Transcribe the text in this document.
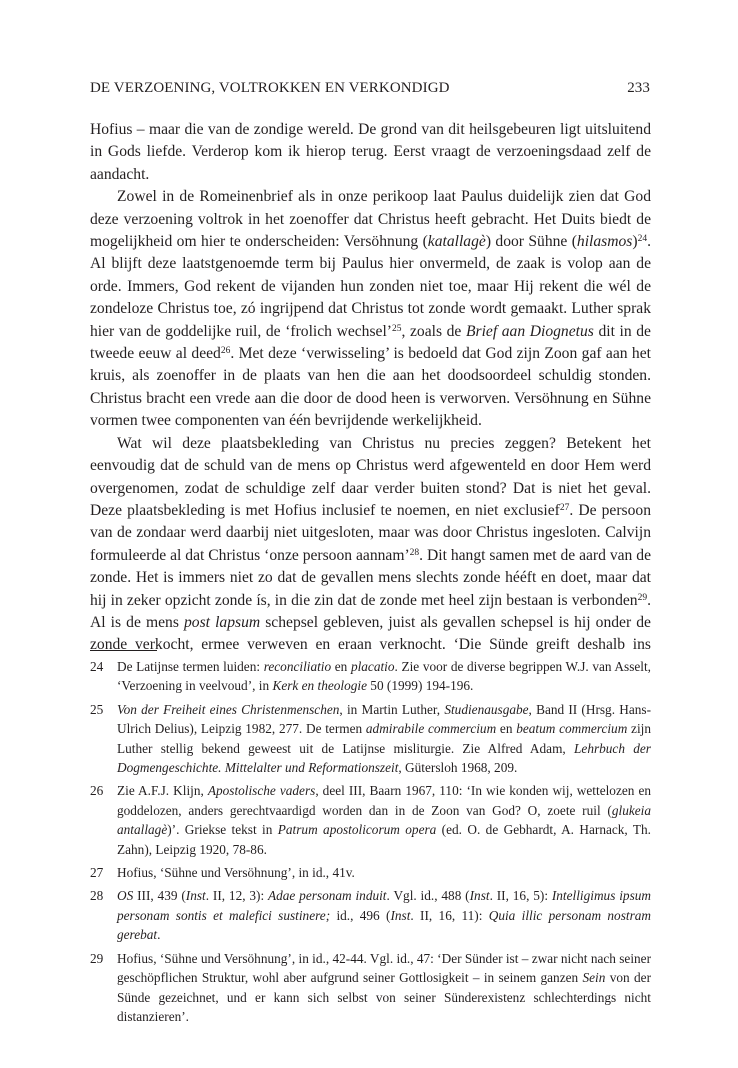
DE VERZOENING, VOLTROKKEN EN VERKONDIGD	233

Hofius – maar die van de zondige wereld. De grond van dit heilsgebeuren ligt uitsluitend in Gods liefde. Verderop kom ik hierop terug. Eerst vraagt de verzoeningsdaad zelf de aandacht.

Zowel in de Romeinenbrief als in onze perikoop laat Paulus duidelijk zien dat God deze verzoening voltrok in het zoenoffer dat Christus heeft gebracht. Het Duits biedt de mogelijkheid om hier te onderscheiden: Versöhnung (katallagè) door Sühne (hilasmos)$^{24}$. Al blijft deze laatstgenoemde term bij Paulus hier onvermeld, de zaak is volop aan de orde. Immers, God rekent de vijanden hun zonden niet toe, maar Hij rekent die wél de zondeloze Christus toe, zó ingrijpend dat Christus tot zonde wordt gemaakt. Luther sprak hier van de goddelijke ruil, de ‘frolich wechsel’$^{25}$, zoals de Brief aan Diognetus dit in de tweede eeuw al deed$^{26}$. Met deze ‘verwisseling’ is bedoeld dat God zijn Zoon gaf aan het kruis, als zoenoffer in de plaats van hen die aan het doodsoordeel schuldig stonden. Christus bracht een vrede aan die door de dood heen is verworven. Versöhnung en Sühne vormen twee componenten van één bevrijdende werkelijkheid.

Wat wil deze plaatsbekleding van Christus nu precies zeggen? Betekent het eenvoudig dat de schuld van de mens op Christus werd afgewenteld en door Hem werd overgenomen, zodat de schuldige zelf daar verder buiten stond? Dat is niet het geval. Deze plaatsbekleding is met Hofius inclusief te noemen, en niet exclusief$^{27}$. De persoon van de zondaar werd daarbij niet uitgesloten, maar was door Christus ingesloten. Calvijn formuleerde al dat Christus ‘onze persoon aannam’$^{28}$. Dit hangt samen met de aard van de zonde. Het is immers niet zo dat de gevallen mens slechts zonde hééft en doet, maar dat hij in zeker opzicht zonde ís, in die zin dat de zonde met heel zijn bestaan is verbonden$^{29}$. Al is de mens post lapsum schepsel gebleven, juist als gevallen schepsel is hij onder de zonde verkocht, ermee verweven en eraan verknocht. ‘Die Sünde greift deshalb ins

24 De Latijnse termen luiden: reconciliatio en placatio. Zie voor de diverse begrippen W.J. van Asselt, ‘Verzoening in veelvoud’, in Kerk en theologie 50 (1999) 194-196.
25 Von der Freiheit eines Christenmenschen, in Martin Luther, Studienausgabe, Band II (Hrsg. Hans-Ulrich Delius), Leipzig 1982, 277. De termen admirabile commercium en beatum commercium zijn Luther stellig bekend geweest uit de Latijnse misliturgie. Zie Alfred Adam, Lehrbuch der Dogmengeschichte. Mittelalter und Reformationszeit, Gütersloh 1968, 209.
26 Zie A.F.J. Klijn, Apostolische vaders, deel III, Baarn 1967, 110: ‘In wie konden wij, wettelozen en goddelozen, anders gerechtvaardigd worden dan in de Zoon van God? O, zoete ruil (glukeia antallagè)’. Griekse tekst in Patrum apostolicorum opera (ed. O. de Gebhardt, A. Harnack, Th. Zahn), Leipzig 1920, 78-86.
27 Hofius, ‘Sühne und Versöhnung’, in id., 41v.
28 OS III, 439 (Inst. II, 12, 3): Adae personam induit. Vgl. id., 488 (Inst. II, 16, 5): Intelligimus ipsum personam sontis et malefici sustinere; id., 496 (Inst. II, 16, 11): Quia illic personam nostram gerebat.
29 Hofius, ‘Sühne und Versöhnung’, in id., 42-44. Vgl. id., 47: ‘Der Sünder ist – zwar nicht nach seiner geschöpflichen Struktur, wohl aber aufgrund seiner Gottlosigkeit – in seinem ganzen Sein von der Sünde gezeichnet, und er kann sich selbst von seiner Sünderexistenz schlechterdings nicht distanzieren’.
